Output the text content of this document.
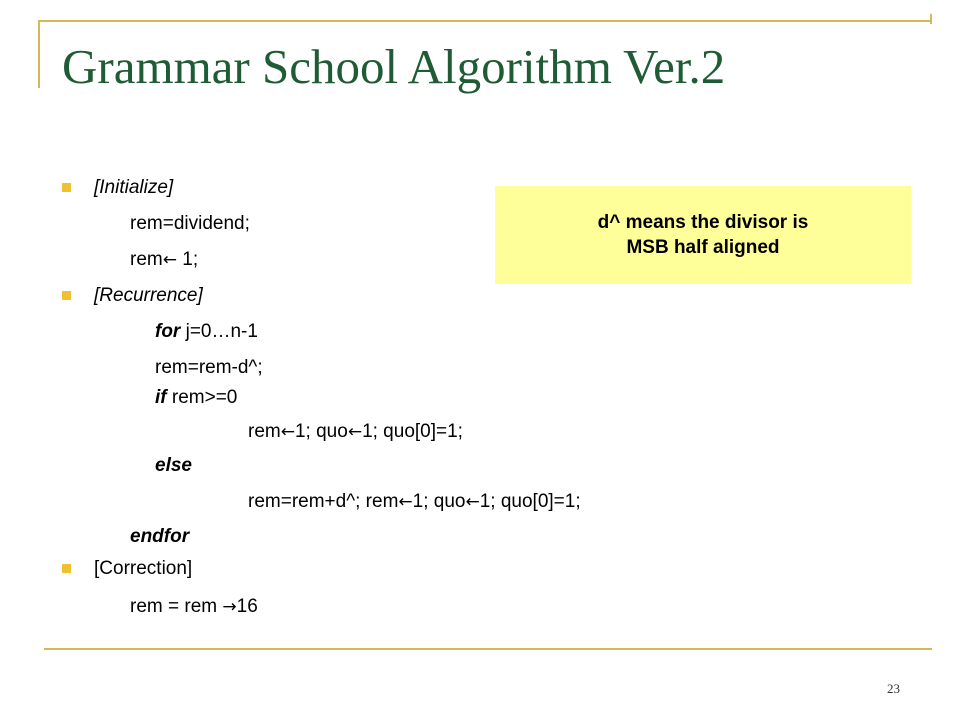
Grammar School Algorithm Ver.2
[Initialize]
rem=dividend;
rem← 1;
[Recurrence]
for j=0…n-1
rem=rem-d^;
if rem>=0
rem←1; quo←1; quo[0]=1;
else
rem=rem+d^; rem←1; quo←1; quo[0]=1;
endfor
[Correction]
rem = rem →16
d^ means the divisor is
MSB half aligned
23
